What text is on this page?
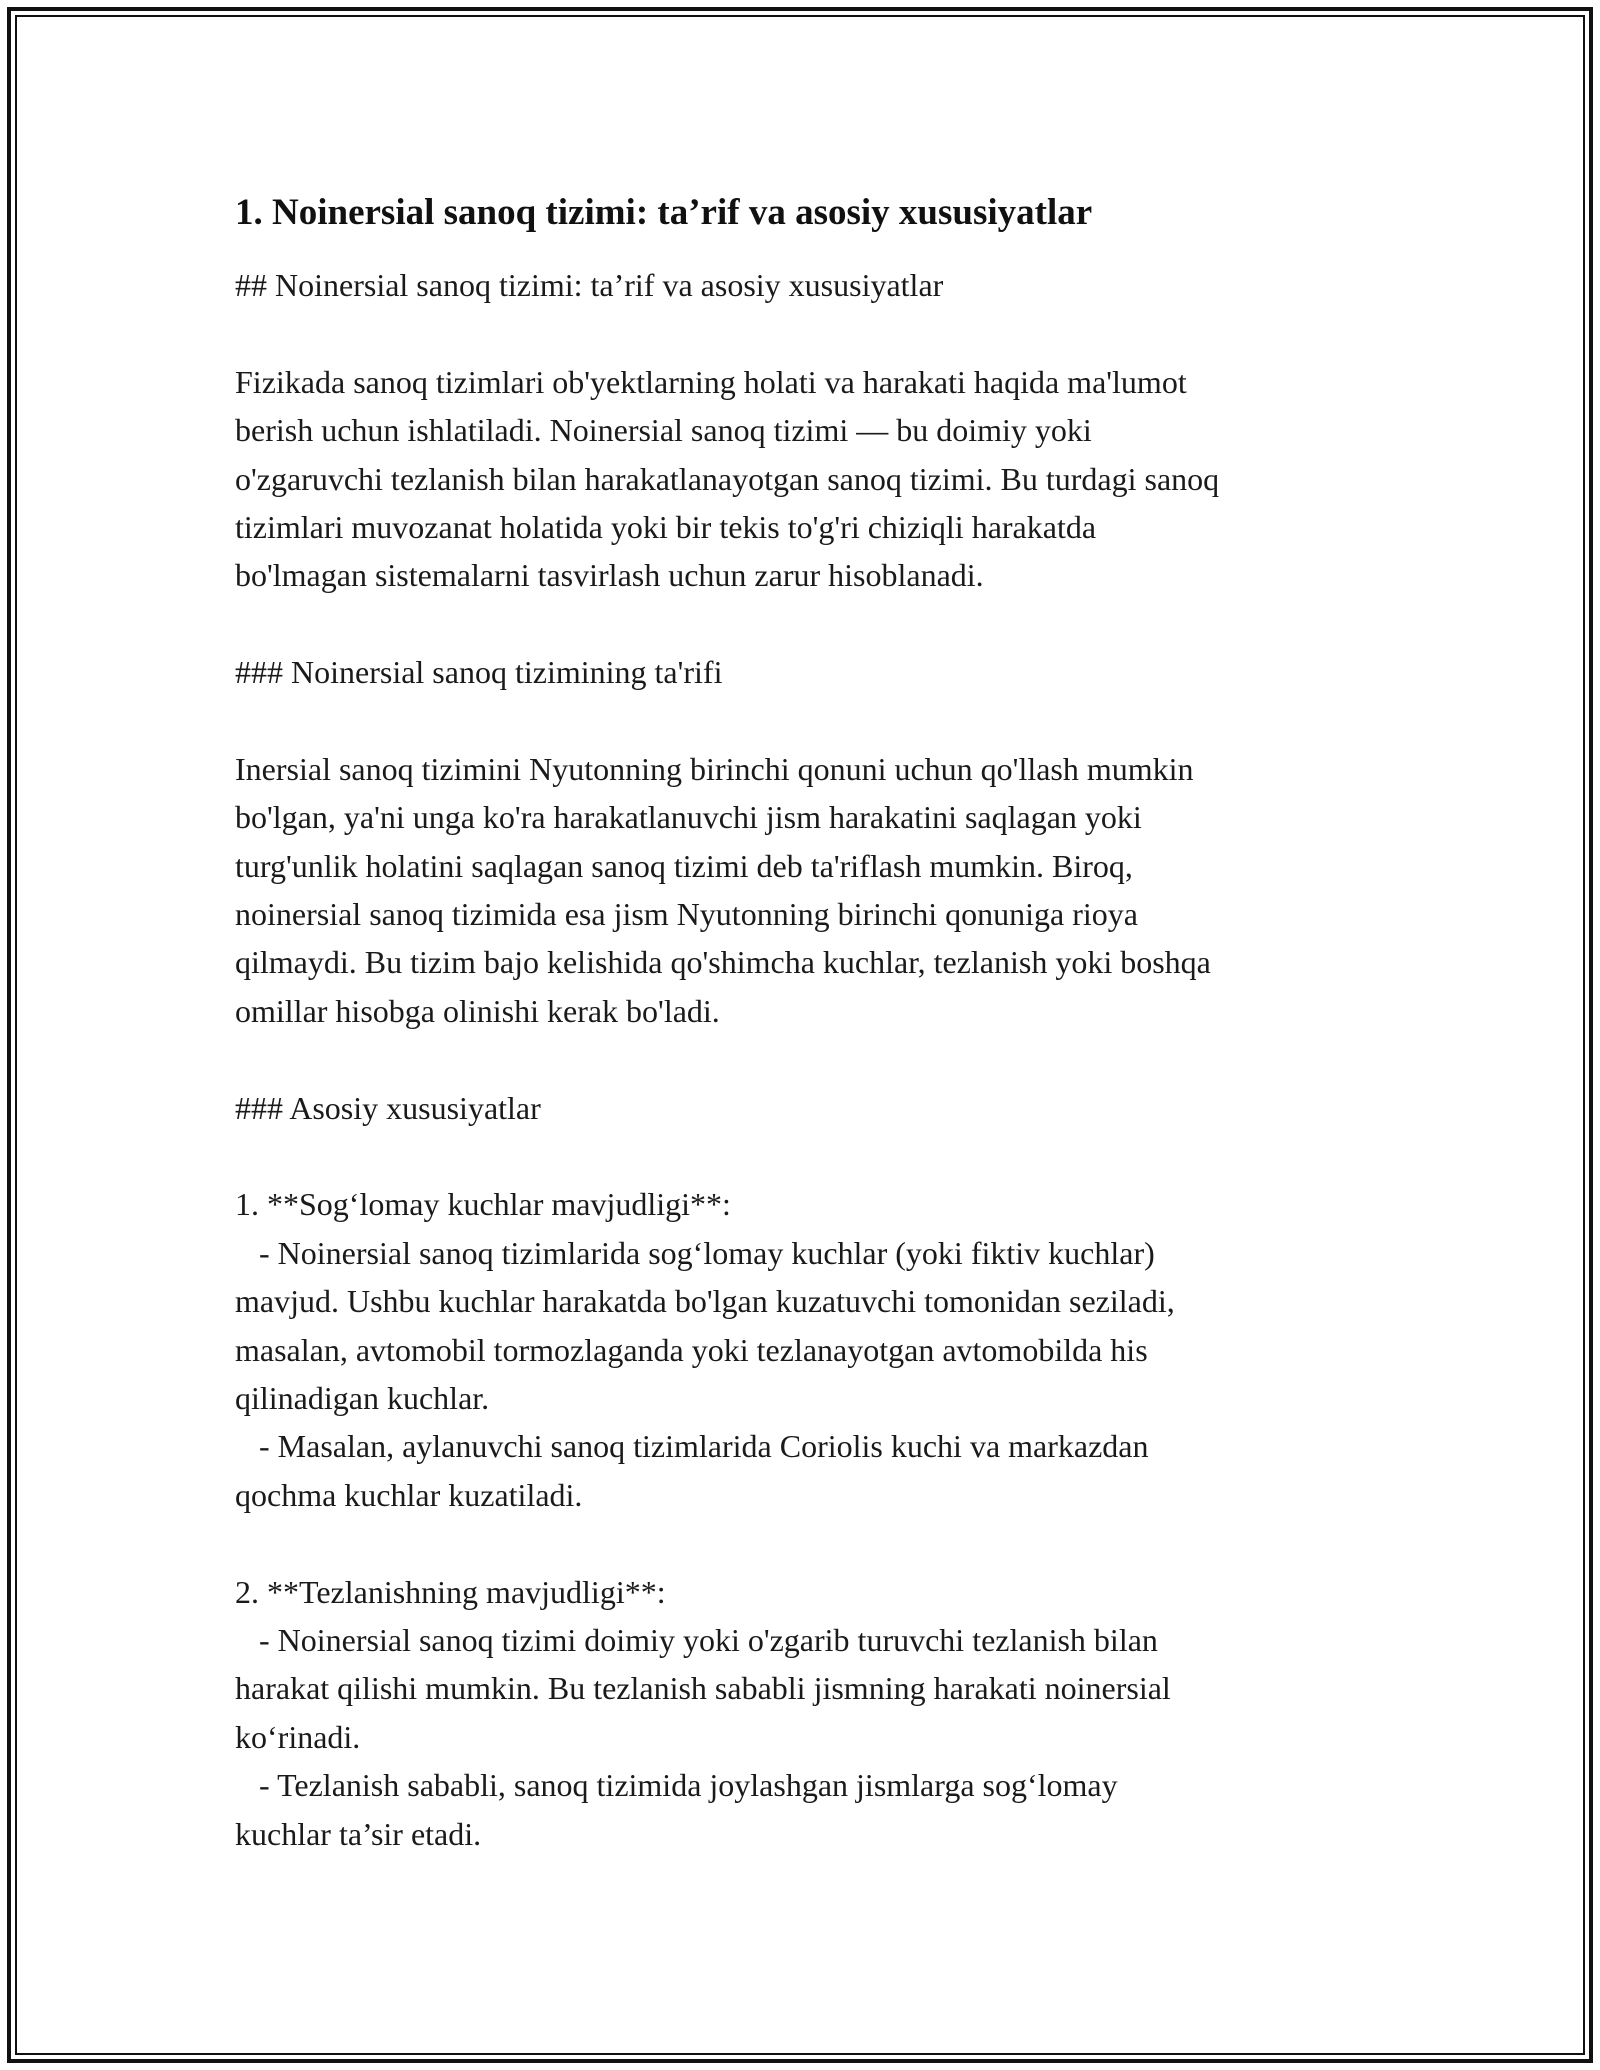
1. Noinersial sanoq tizimi: ta’rif va asosiy xususiyatlar
## Noinersial sanoq tizimi: ta’rif va asosiy xususiyatlar
Fizikada sanoq tizimlari ob'yektlarning holati va harakati haqida ma'lumot
berish uchun ishlatiladi. Noinersial sanoq tizimi — bu doimiy yoki
o'zgaruvchi tezlanish bilan harakatlanayotgan sanoq tizimi. Bu turdagi sanoq
tizimlari muvozanat holatida yoki bir tekis to'g'ri chiziqli harakatda
bo'lmagan sistemalarni tasvirlash uchun zarur hisoblanadi.
### Noinersial sanoq tizimining ta'rifi
Inersial sanoq tizimini Nyutonning birinchi qonuni uchun qo'llash mumkin
bo'lgan, ya'ni unga ko'ra harakatlanuvchi jism harakatini saqlagan yoki
turg'unlik holatini saqlagan sanoq tizimi deb ta'riflash mumkin. Biroq,
noinersial sanoq tizimida esa jism Nyutonning birinchi qonuniga rioya
qilmaydi. Bu tizim bajo kelishida qo'shimcha kuchlar, tezlanish yoki boshqa
omillar hisobga olinishi kerak bo'ladi.
### Asosiy xususiyatlar
1. **Sog‘lomay kuchlar mavjudligi**:
- Noinersial sanoq tizimlarida sog‘lomay kuchlar (yoki fiktiv kuchlar)
mavjud. Ushbu kuchlar harakatda bo'lgan kuzatuvchi tomonidan seziladi,
masalan, avtomobil tormozlaganda yoki tezlanayotgan avtomobilda his
qilinadigan kuchlar.
- Masalan, aylanuvchi sanoq tizimlarida Coriolis kuchi va markazdan
qochma kuchlar kuzatiladi.
2. **Tezlanishning mavjudligi**:
- Noinersial sanoq tizimi doimiy yoki o'zgarib turuvchi tezlanish bilan
harakat qilishi mumkin. Bu tezlanish sababli jismning harakati noinersial
ko‘rinadi.
- Tezlanish sababli, sanoq tizimida joylashgan jismlarga sog‘lomay
kuchlar ta’sir etadi.
